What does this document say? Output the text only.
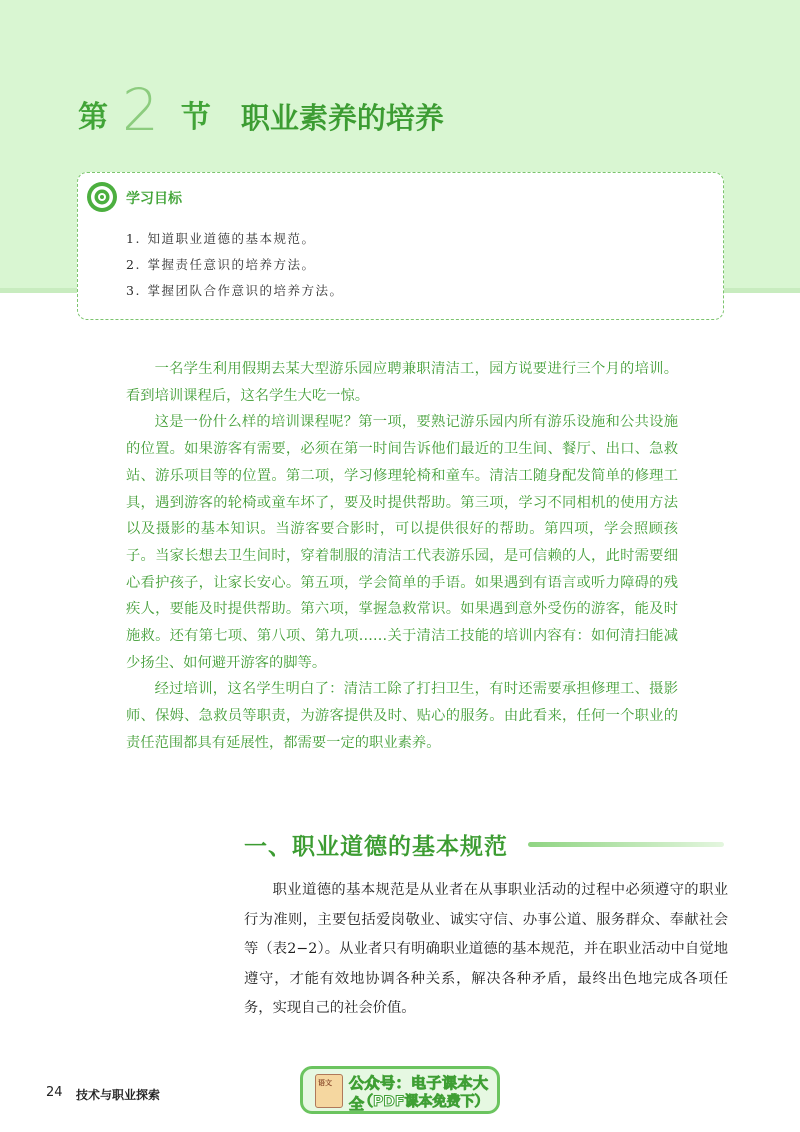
第 2 节 职业素养的培养
学习目标
1. 知道职业道德的基本规范。
2. 掌握责任意识的培养方法。
3. 掌握团队合作意识的培养方法。

一名学生利用假期去某大型游乐园应聘兼职清洁工，园方说要进行三个月的培训。看到培训课程后，这名学生大吃一惊。

这是一份什么样的培训课程呢？第一项，要熟记游乐园内所有游乐设施和公共设施的位置。如果游客有需要，必须在第一时间告诉他们最近的卫生间、餐厅、出口、急救站、游乐项目等的位置。第二项，学习修理轮椅和童车。清洁工随身配发简单的修理工具，遇到游客的轮椅或童车坏了，要及时提供帮助。第三项，学习不同相机的使用方法以及摄影的基本知识。当游客要合影时，可以提供很好的帮助。第四项，学会照顾孩子。当家长想去卫生间时，穿着制服的清洁工代表游乐园，是可信赖的人，此时需要细心看护孩子，让家长安心。第五项，学会简单的手语。如果遇到有语言或听力障碍的残疾人，要能及时提供帮助。第六项，掌握急救常识。如果遇到意外受伤的游客，能及时施救。还有第七项、第八项、第九项……关于清洁工技能的培训内容有：如何清扫能减少扬尘、如何避开游客的脚等。

经过培训，这名学生明白了：清洁工除了打扫卫生，有时还需要承担修理工、摄影师、保姆、急救员等职责，为游客提供及时、贴心的服务。由此看来，任何一个职业的责任范围都具有延展性，都需要一定的职业素养。

一、职业道德的基本规范

职业道德的基本规范是从业者在从事职业活动的过程中必须遵守的职业行为准则，主要包括爱岗敬业、诚实守信、办事公道、服务群众、奉献社会等（表2−2）。从业者只有明确职业道德的基本规范，并在职业活动中自觉地遵守，才能有效地协调各种关系，解决各种矛盾，最终出色地完成各项任务，实现自己的社会价值。

24 技术与职业探索
语文 公众号：电子课本大全
（PDF课本免费下）
